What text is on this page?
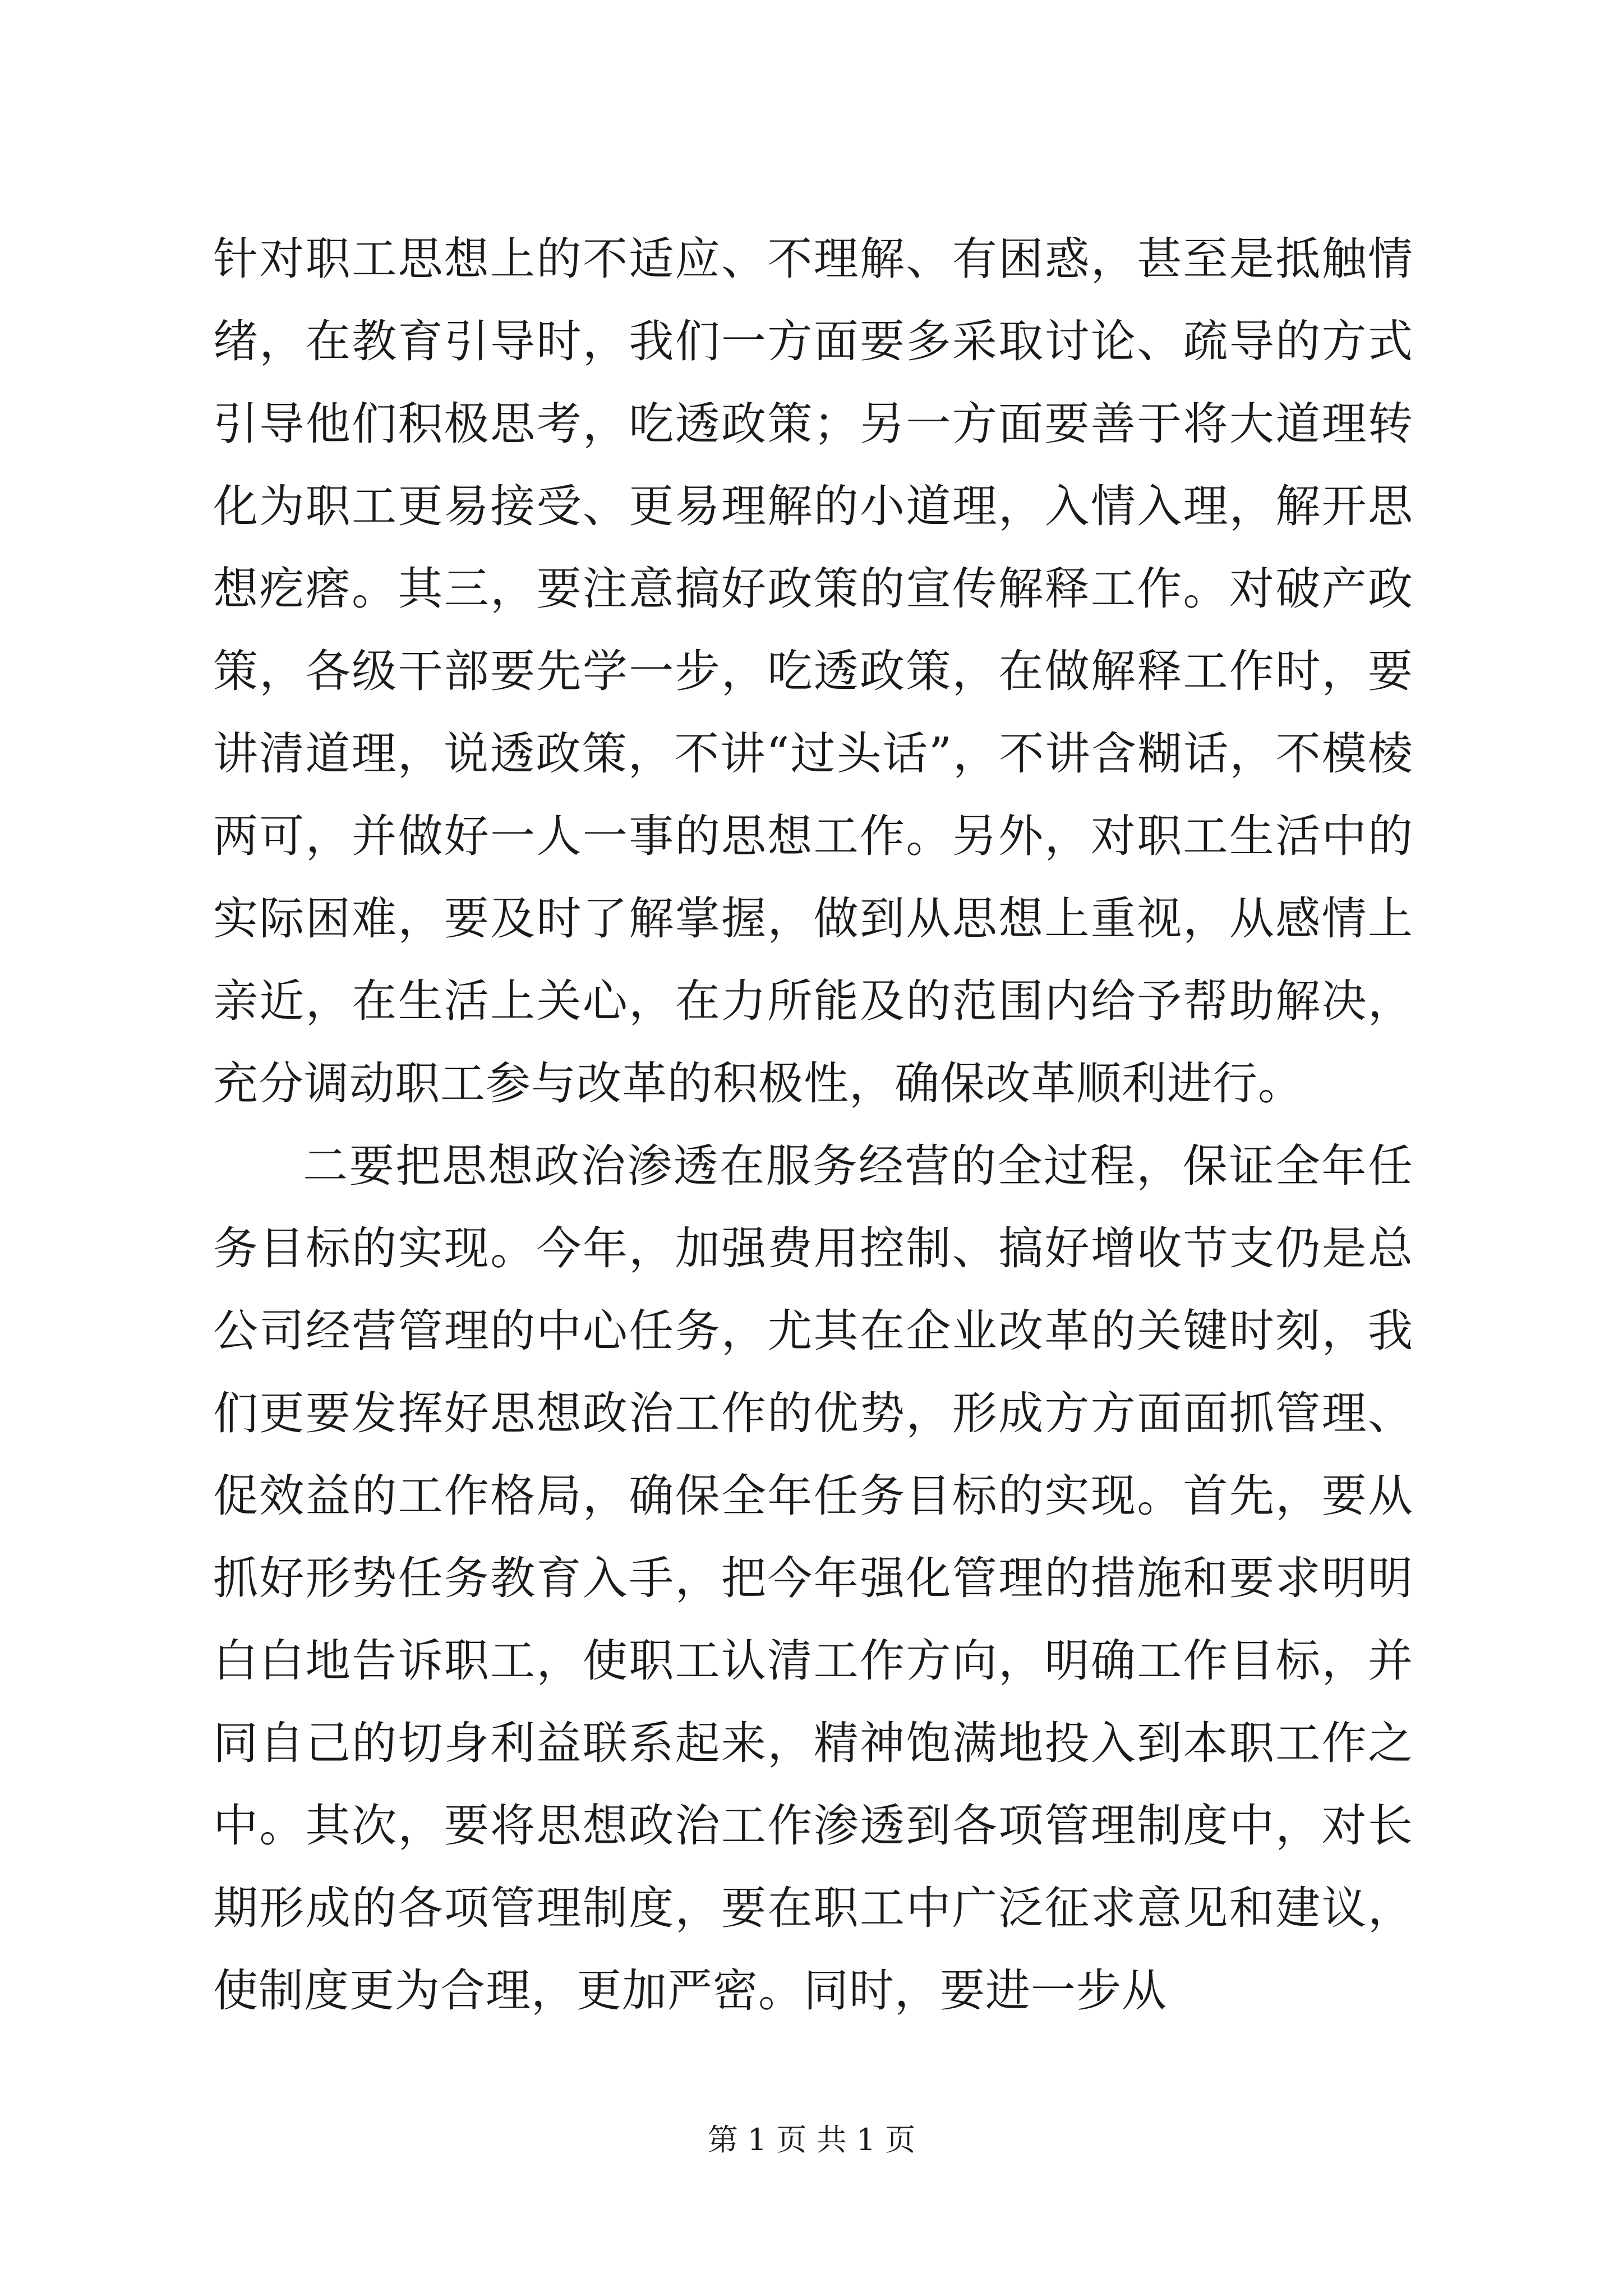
针对职工思想上的不适应、不理解、有困惑，甚至是抵触情绪，在教育引导时，我们一方面要多采取讨论、疏导的方式引导他们积极思考，吃透政策；另一方面要善于将大道理转化为职工更易接受、更易理解的小道理，入情入理，解开思想疙瘩。其三，要注意搞好政策的宣传解释工作。对破产政策，各级干部要先学一步，吃透政策，在做解释工作时，要讲清道理，说透政策，不讲“过头话”，不讲含糊话，不模棱两可，并做好一人一事的思想工作。另外，对职工生活中的实际困难，要及时了解掌握，做到从思想上重视，从感情上亲近，在生活上关心，在力所能及的范围内给予帮助解决，充分调动职工参与改革的积极性，确保改革顺利进行。

二要把思想政治渗透在服务经营的全过程，保证全年任务目标的实现。今年，加强费用控制、搞好增收节支仍是总公司经营管理的中心任务，尤其在企业改革的关键时刻，我们更要发挥好思想政治工作的优势，形成方方面面抓管理、促效益的工作格局，确保全年任务目标的实现。首先，要从抓好形势任务教育入手，把今年强化管理的措施和要求明明白白地告诉职工，使职工认清工作方向，明确工作目标，并同自己的切身利益联系起来，精神饱满地投入到本职工作之中。其次，要将思想政治工作渗透到各项管理制度中，对长期形成的各项管理制度，要在职工中广泛征求意见和建议，使制度更为合理，更加严密。同时，要进一步从

第 1 页 共 1 页
